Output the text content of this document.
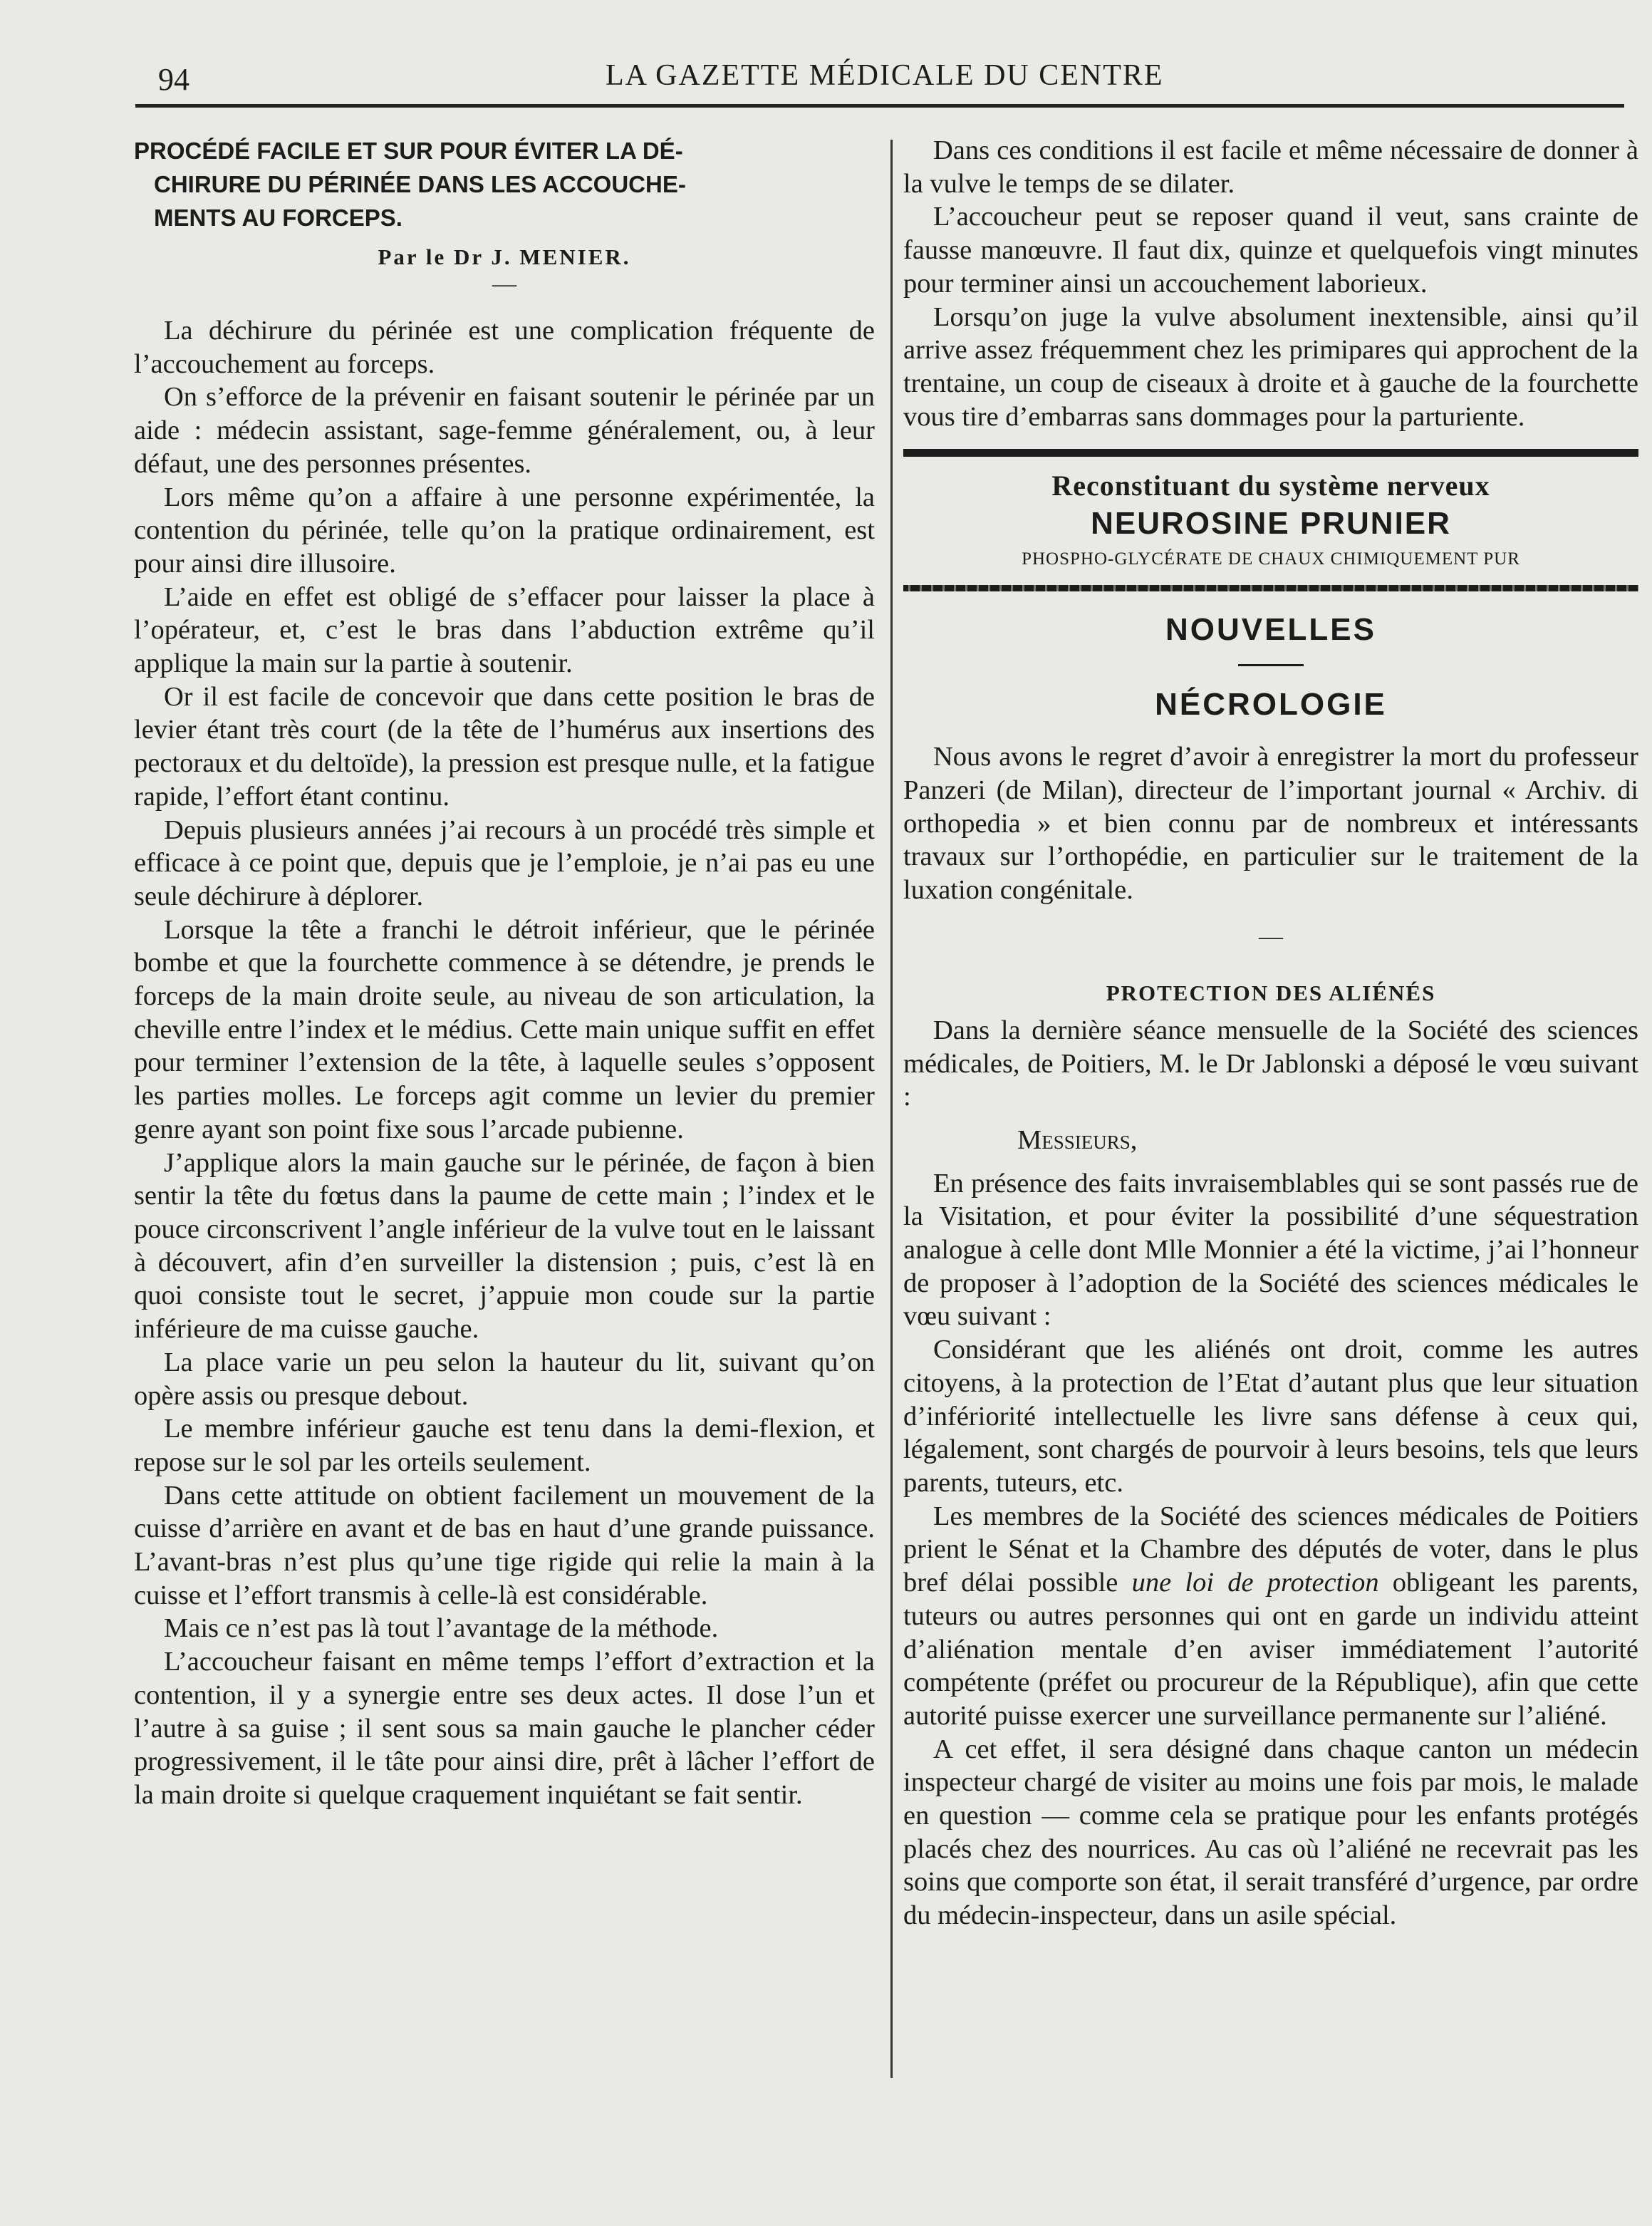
94	LA GAZETTE MÉDICALE DU CENTRE
PROCÉDÉ FACILE ET SUR POUR ÉVITER LA DÉ-
CHIRURE DU PÉRINÉE DANS LES ACCOUCHE-
MENTS AU FORCEPS.
Par le Dr J. MENIER.
—

La déchirure du périnée est une complication fréquente de l’accouchement au forceps.

On s’efforce de la prévenir en faisant soutenir le périnée par un aide : médecin assistant, sage-femme généralement, ou, à leur défaut, une des personnes présentes.

Lors même qu’on a affaire à une personne expérimentée, la contention du périnée, telle qu’on la pratique ordinairement, est pour ainsi dire illusoire.

L’aide en effet est obligé de s’effacer pour laisser la place à l’opérateur, et, c’est le bras dans l’abduction extrême qu’il applique la main sur la partie à soutenir.

Or il est facile de concevoir que dans cette position le bras de levier étant très court (de la tête de l’humérus aux insertions des pectoraux et du deltoïde), la pression est presque nulle, et la fatigue rapide, l’effort étant continu.

Depuis plusieurs années j’ai recours à un procédé très simple et efficace à ce point que, depuis que je l’emploie, je n’ai pas eu une seule déchirure à déplorer.

Lorsque la tête a franchi le détroit inférieur, que le périnée bombe et que la fourchette commence à se détendre, je prends le forceps de la main droite seule, au niveau de son articulation, la cheville entre l’index et le médius. Cette main unique suffit en effet pour terminer l’extension de la tête, à laquelle seules s’opposent les parties molles. Le forceps agit comme un levier du premier genre ayant son point fixe sous l’arcade pubienne.

J’applique alors la main gauche sur le périnée, de façon à bien sentir la tête du fœtus dans la paume de cette main ; l’index et le pouce circonscrivent l’angle inférieur de la vulve tout en le laissant à découvert, afin d’en surveiller la distension ; puis, c’est là en quoi consiste tout le secret, j’appuie mon coude sur la partie inférieure de ma cuisse gauche.

La place varie un peu selon la hauteur du lit, suivant qu’on opère assis ou presque debout.

Le membre inférieur gauche est tenu dans la demi-flexion, et repose sur le sol par les orteils seulement.

Dans cette attitude on obtient facilement un mouvement de la cuisse d’arrière en avant et de bas en haut d’une grande puissance. L’avant-bras n’est plus qu’une tige rigide qui relie la main à la cuisse et l’effort transmis à celle-là est considérable.

Mais ce n’est pas là tout l’avantage de la méthode.

L’accoucheur faisant en même temps l’effort d’extraction et la contention, il y a synergie entre ses deux actes. Il dose l’un et l’autre à sa guise ; il sent sous sa main gauche le plancher céder progressivement, il le tâte pour ainsi dire, prêt à lâcher l’effort de la main droite si quelque craquement inquiétant se fait sentir.

Dans ces conditions il est facile et même nécessaire de donner à la vulve le temps de se dilater.

L’accoucheur peut se reposer quand il veut, sans crainte de fausse manœuvre. Il faut dix, quinze et quelquefois vingt minutes pour terminer ainsi un accouchement laborieux.

Lorsqu’on juge la vulve absolument inextensible, ainsi qu’il arrive assez fréquemment chez les primipares qui approchent de la trentaine, un coup de ciseaux à droite et à gauche de la fourchette vous tire d’embarras sans dommages pour la parturiente.

Reconstituant du système nerveux
NEUROSINE PRUNIER
PHOSPHO-GLYCÉRATE DE CHAUX CHIMIQUEMENT PUR
NOUVELLES
NÉCROLOGIE

Nous avons le regret d’avoir à enregistrer la mort du professeur Panzeri (de Milan), directeur de l’important journal « Archiv. di orthopedia » et bien connu par de nombreux et intéressants travaux sur l’orthopédie, en particulier sur le traitement de la luxation congénitale.

—
PROTECTION DES ALIÉNÉS

Dans la dernière séance mensuelle de la Société des sciences médicales, de Poitiers, M. le Dr Jablonski a déposé le vœu suivant :

Messieurs,

En présence des faits invraisemblables qui se sont passés rue de la Visitation, et pour éviter la possibilité d’une séquestration analogue à celle dont Mlle Monnier a été la victime, j’ai l’honneur de proposer à l’adoption de la Société des sciences médicales le vœu suivant :

Considérant que les aliénés ont droit, comme les autres citoyens, à la protection de l’Etat d’autant plus que leur situation d’infériorité intellectuelle les livre sans défense à ceux qui, légalement, sont chargés de pourvoir à leurs besoins, tels que leurs parents, tuteurs, etc.

Les membres de la Société des sciences médicales de Poitiers prient le Sénat et la Chambre des députés de voter, dans le plus bref délai possible une loi de protection obligeant les parents, tuteurs ou autres personnes qui ont en garde un individu atteint d’aliénation mentale d’en aviser immédiatement l’autorité compétente (préfet ou procureur de la République), afin que cette autorité puisse exercer une surveillance permanente sur l’aliéné.

A cet effet, il sera désigné dans chaque canton un médecin inspecteur chargé de visiter au moins une fois par mois, le malade en question — comme cela se pratique pour les enfants protégés placés chez des nourrices. Au cas où l’aliéné ne recevrait pas les soins que comporte son état, il serait transféré d’urgence, par ordre du médecin-inspecteur, dans un asile spécial.
